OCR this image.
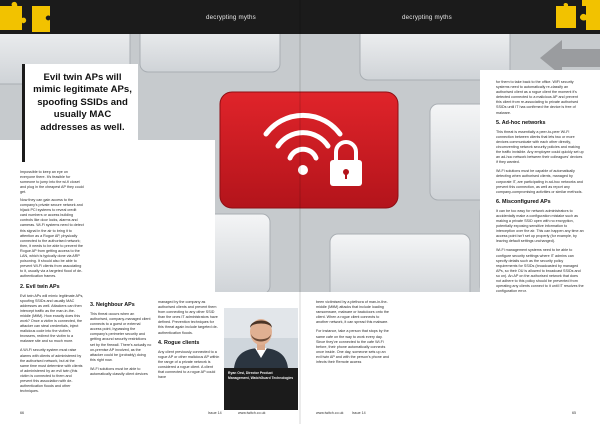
decrypting myths	decrypting myths

Evil twin APs will mimic legitimate APs, spoofing SSIDs and usually MAC addresses as well.

Impossible to keep an eye on everyone there. It's feasible for someone to jump into the wi-fi closet and plug in the cheapest AP they could get.

Now they can gain access to the company's private secure network and hijack PCI systems to reveal credit card numbers or access building controls like door locks, alarms and cameras. Wi-Fi systems need to detect this signal in the air to bring it to attention as a Rogue AP, physically connected to the authorised network; then, it needs to be able to prevent the Rogue AP from getting access to the LAN, which is typically done via ARP poisoning. It should also be able to prevent Wi-Fi clients from associating to it, usually via a targeted flood of de-authentication frames.

2. Evil twin APs

Evil twin APs will mimic legitimate APs, spoofing SSIDs and usually MAC addresses as well. Attackers can then intercept traffic as the man-in-the-middle (MitM). How exactly does this work? Once a victim is connected, the attacker can steal credentials, inject malicious code into the victim's browsers, redirect the victim to a malware site and so much more.

A Wi-Fi security system must raise alarms with clients of administered by the authorised network, but at the same time must determine with clients of administered by an evil twin (this victim is connected to them and prevent this association with de-authentication floods and other techniques.

3. Neighbour APs

This threat occurs when an authorised, company-managed client connects to a guest or external access point, bypassing the company's perimeter security and getting around security restrictions set by the firewall. There's actually no on-premise AP involved, as the attacker could be (probably) doing this right now.

Wi-Fi solutions must be able to automatically classify client devices

managed by the company as authorised clients and prevent them from connecting to any other SSID than the ones IT administrators have defined. Prevention techniques for this threat again include targeted de-authentication floods.

4. Rogue clients

Any client previously connected to a rogue AP or other malicious AP within the range of a private network is considered a rogue client. A client that connected to a rogue AP could have

Ryan Orsi, Director Product Management, WatchGuard Technologies

been victimised by a plethora of man-in-the-middle (MitM) attacks that include loading ransomware, malware or backdoors onto the client. When a rogue client connects to another network, it can spread this malware.

For instance, take a person that stops by the same cafe on the way to work every day. Since they've connected to the cafe Wi-Fi before, their phone automatically connects once inside. One day, someone sets up an evil twin AP and with the person's phone and infects their Remote access

for them to take back to the office. WiFi security systems need to automatically re-classify an authorised client as a rogue client the moment it's detected connected to a malicious AP and prevent this client from re-associating to private authorised SSIDs until IT has confirmed the device is free of malware.

5. Ad-hoc networks

This threat is essentially a peer-to-peer Wi-Fi connection between clients that lets two or more devices communicate with each other directly, circumventing network security policies and making the traffic invisible. Any employee could quickly set up an ad-hoc network between their colleagues' devices if they wanted.

Wi-Fi solutions must be capable of automatically detecting when authorised clients, managed by corporate IT, are participating in ad-hoc networks and prevent this connection, as well as report any company-compromising activities or similar methods.

6. Misconfigured APs

It can be too easy for network administrators to accidentally make a configuration mistake such as making a private SSID open with no encryption, potentially exposing sensitive information to interception over the air. This can happen any time an access point isn't set up properly (for example, by leaving default settings unchanged).

Wi-Fi management systems need to be able to configure security settings where IT admins can specify details such as the security policy requirements for SSIDs (broadcasted by managed APs, so their OU is allowed to broadcast SSIDs and so on). An AP on the authorised network that does not adhere to this policy should be prevented from operating any clients connect to it until IT resolves the configuration error.

66	Issue 14	www.twitch.co.uk	www.twitch.co.uk Issue 14	65
